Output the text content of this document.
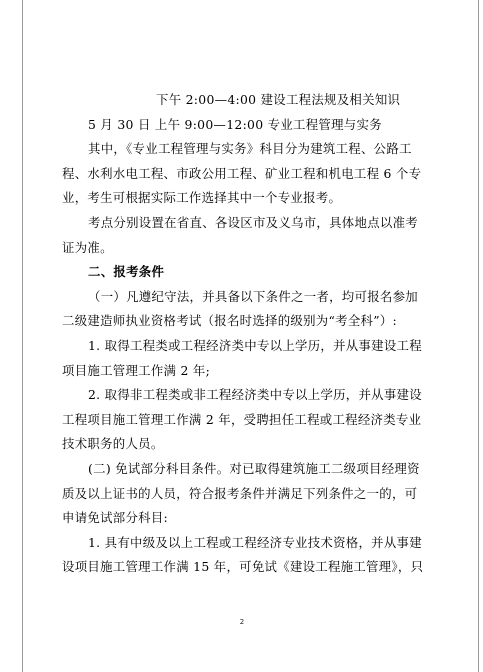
下午 2:00—4:00 建设工程法规及相关知识
5 月 30 日 上午 9:00—12:00 专业工程管理与实务
其中，《专业工程管理与实务》科目分为建筑工程、公路工
程、水利水电工程、市政公用工程、矿业工程和机电工程 6 个专
业，考生可根据实际工作选择其中一个专业报考。
考点分别设置在省直、各设区市及义乌市，具体地点以准考
证为准。
二、报考条件
（一）凡遵纪守法，并具备以下条件之一者，均可报名参加
二级建造师执业资格考试（报名时选择的级别为“考全科”）:
1. 取得工程类或工程经济类中专以上学历，并从事建设工程
项目施工管理工作满 2 年;
2. 取得非工程类或非工程经济类中专以上学历，并从事建设
工程项目施工管理工作满 2 年，受聘担任工程或工程经济类专业
技术职务的人员。
(二) 免试部分科目条件。对已取得建筑施工二级项目经理资
质及以上证书的人员，符合报考条件并满足下列条件之一的，可
申请免试部分科目:
1. 具有中级及以上工程或工程经济专业技术资格，并从事建
设项目施工管理工作满 15 年，可免试《建设工程施工管理》，只
2
